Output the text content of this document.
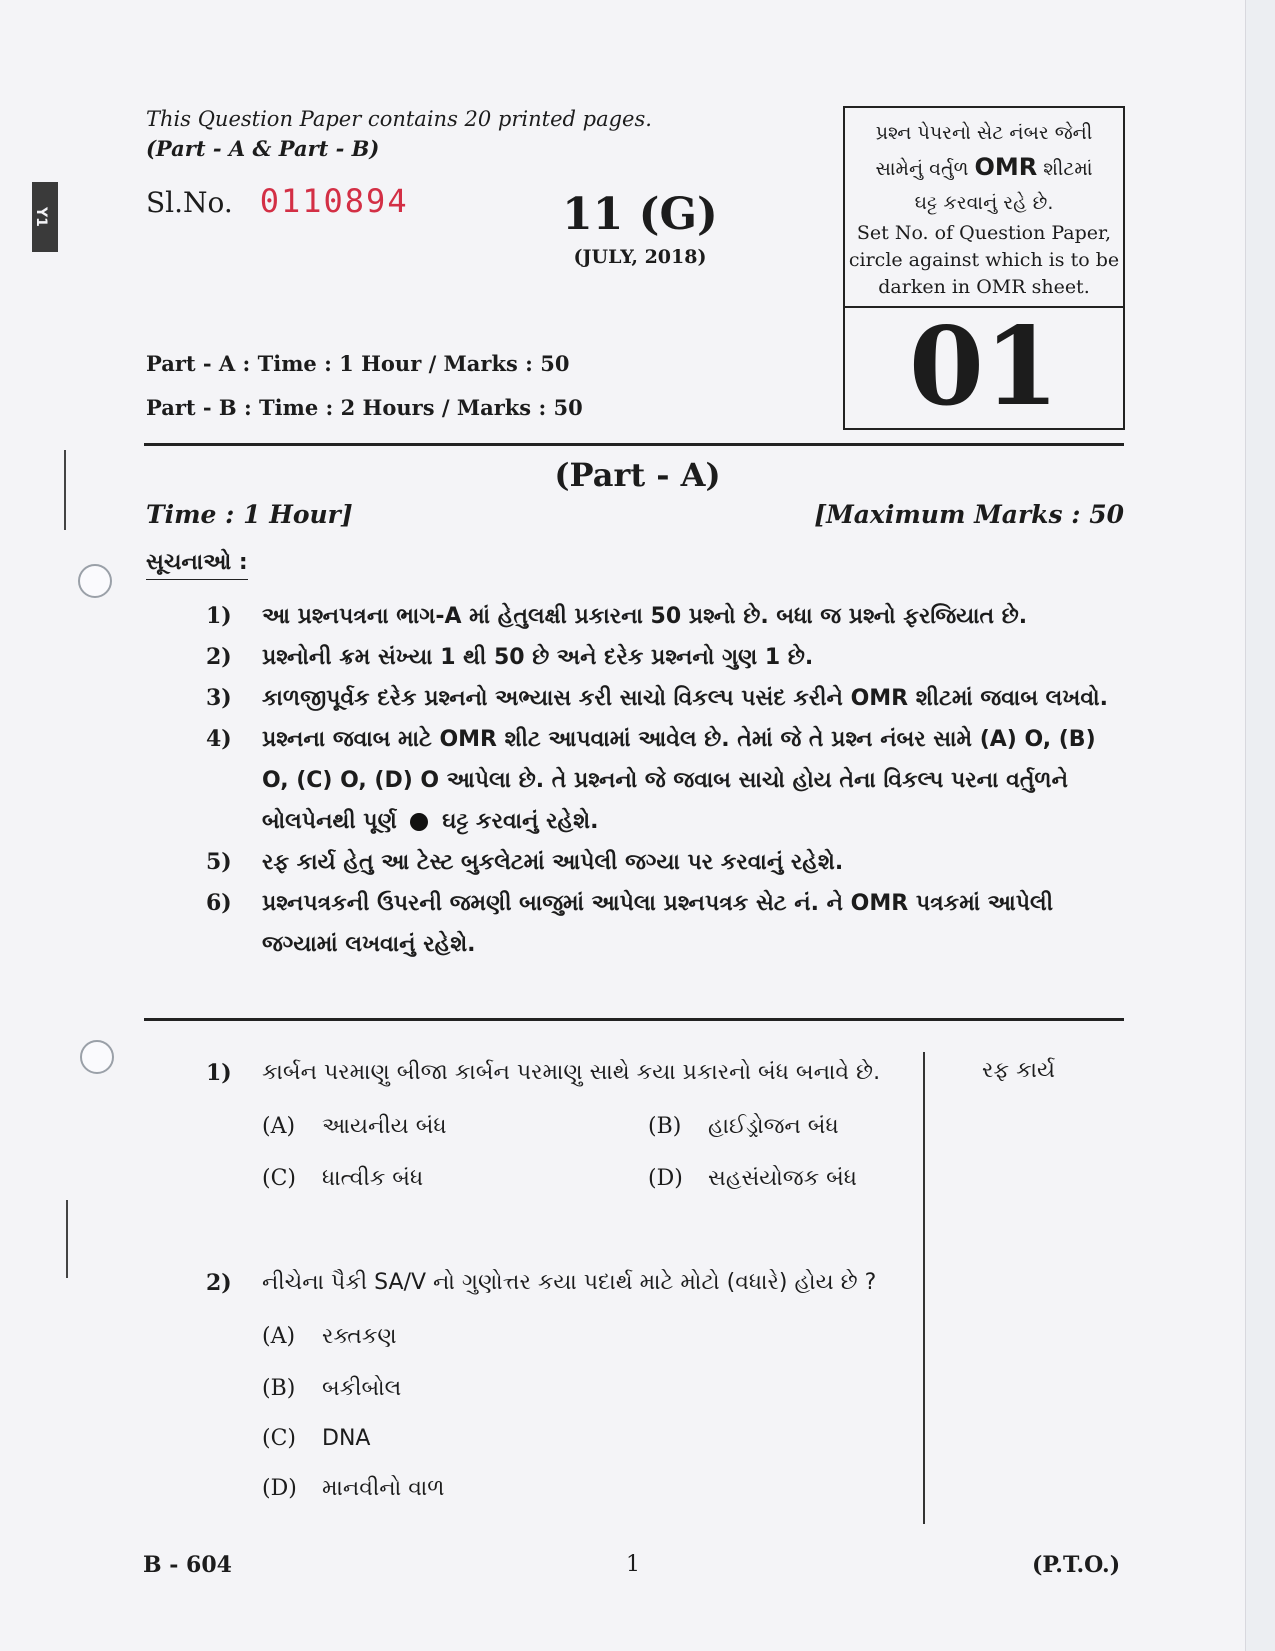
Y1
This Question Paper contains 20 printed pages.
(Part - A & Part - B)
Sl.No. 0110894	11 (G)
(JULY, 2018)
પ્રશ્ન પેપરનો સેટ નંબર જેની
સામેનું વર્તુળ OMR શીટમાં
ઘટ્ટ કરવાનું રહે છે.
Set No. of Question Paper,
circle against which is to be
darken in OMR sheet.
01
Part - A : Time : 1 Hour / Marks : 50
Part - B : Time : 2 Hours / Marks : 50
(Part - A)
Time : 1 Hour]	[Maximum Marks : 50
સૂચનાઓ :
1) આ પ્રશ્નપત્રના ભાગ-A માં હેતુલક્ષી પ્રકારના 50 પ્રશ્નો છે. બધા જ પ્રશ્નો ફરજિયાત છે.
2) પ્રશ્નોની ક્રમ સંખ્યા 1 થી 50 છે અને દરેક પ્રશ્નનો ગુણ 1 છે.
3) કાળજીપૂર્વક દરેક પ્રશ્નનો અભ્યાસ કરી સાચો વિકલ્પ પસંદ કરીને OMR શીટમાં જવાબ લખવો.
4) પ્રશ્નના જવાબ માટે OMR શીટ આપવામાં આવેલ છે. તેમાં જે તે પ્રશ્ન નંબર સામે (A) O, (B) O, (C) O, (D) O આપેલા છે. તે પ્રશ્નનો જે જવાબ સાચો હોય તેના વિકલ્પ પરના વર્તુળને બોલપેનથી પૂર્ણ ઘટ્ટ કરવાનું રહેશે.
5) રફ કાર્ય હેતુ આ ટેસ્ટ બુકલેટમાં આપેલી જગ્યા પર કરવાનું રહેશે.
6) પ્રશ્નપત્રકની ઉપરની જમણી બાજુમાં આપેલા પ્રશ્નપત્રક સેટ નં. ને OMR પત્રકમાં આપેલી જગ્યામાં લખવાનું રહેશે.
રફ કાર્ય
1) કાર્બન પરમાણુ બીજા કાર્બન પરમાણુ સાથે કયા પ્રકારનો બંધ બનાવે છે.
(A) આયનીય બંધ	(B) હાઈડ્રોજન બંધ
(C) ધાત્વીક બંધ	(D) સહસંયોજક બંધ
2) નીચેના પૈકી SA/V નો ગુણોત્તર કયા પદાર્થ માટે મોટો (વધારે) હોય છે ?
(A) રક્તકણ
(B) બકીબોલ
(C) DNA
(D) માનવીનો વાળ
B - 604	1	(P.T.O.)
